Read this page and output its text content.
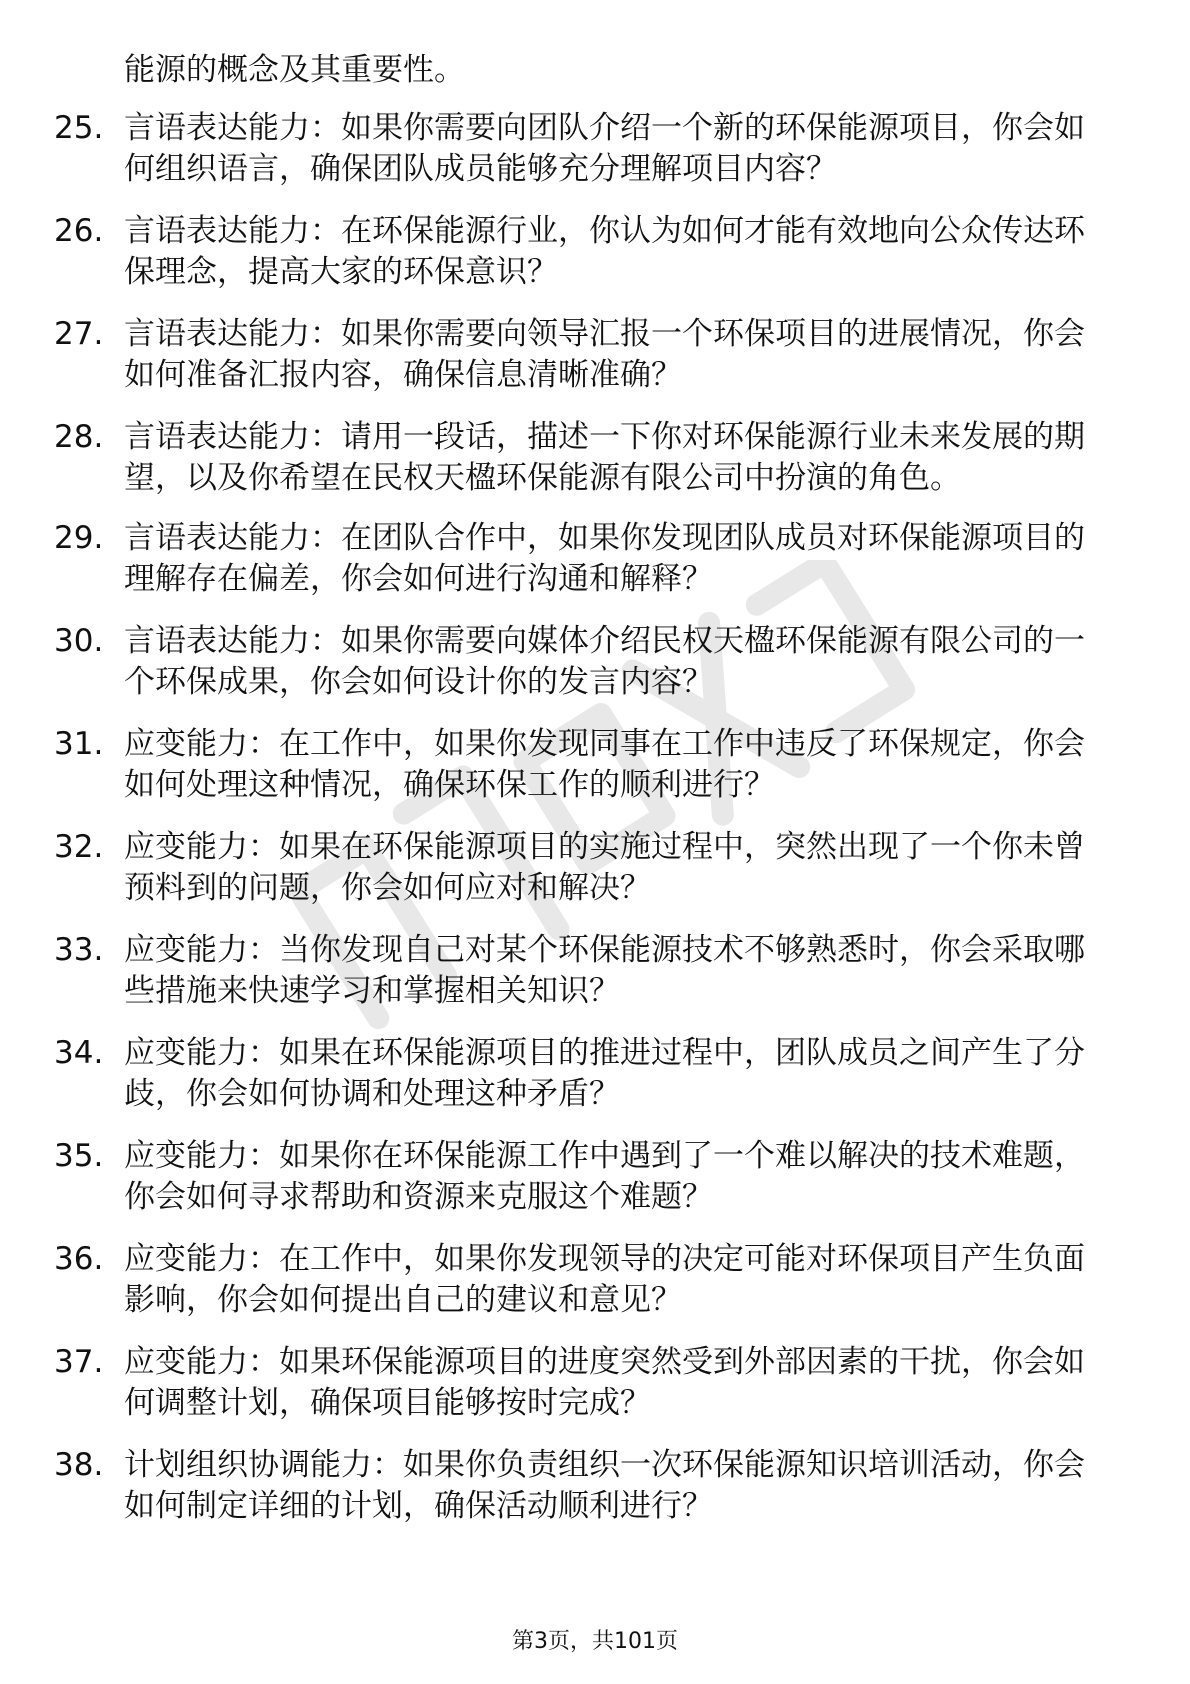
能源的概念及其重要性。

25. 言语表达能力：如果你需要向团队介绍一个新的环保能源项目，你会如何组织语言，确保团队成员能够充分理解项目内容？
26. 言语表达能力：在环保能源行业，你认为如何才能有效地向公众传达环保理念，提高大家的环保意识？
27. 言语表达能力：如果你需要向领导汇报一个环保项目的进展情况，你会如何准备汇报内容，确保信息清晰准确？
28. 言语表达能力：请用一段话，描述一下你对环保能源行业未来发展的期望，以及你希望在民权天楹环保能源有限公司中扮演的角色。
29. 言语表达能力：在团队合作中，如果你发现团队成员对环保能源项目的理解存在偏差，你会如何进行沟通和解释？
30. 言语表达能力：如果你需要向媒体介绍民权天楹环保能源有限公司的一个环保成果，你会如何设计你的发言内容？
31. 应变能力：在工作中，如果你发现同事在工作中违反了环保规定，你会如何处理这种情况，确保环保工作的顺利进行？
32. 应变能力：如果在环保能源项目的实施过程中，突然出现了一个你未曾预料到的问题，你会如何应对和解决？
33. 应变能力：当你发现自己对某个环保能源技术不够熟悉时，你会采取哪些措施来快速学习和掌握相关知识？
34. 应变能力：如果在环保能源项目的推进过程中，团队成员之间产生了分歧，你会如何协调和处理这种矛盾？
35. 应变能力：如果你在环保能源工作中遇到了一个难以解决的技术难题，你会如何寻求帮助和资源来克服这个难题？
36. 应变能力：在工作中，如果你发现领导的决定可能对环保项目产生负面影响，你会如何提出自己的建议和意见？
37. 应变能力：如果环保能源项目的进度突然受到外部因素的干扰，你会如何调整计划，确保项目能够按时完成？
38. 计划组织协调能力：如果你负责组织一次环保能源知识培训活动，你会如何制定详细的计划，确保活动顺利进行？
第3页，共101页
